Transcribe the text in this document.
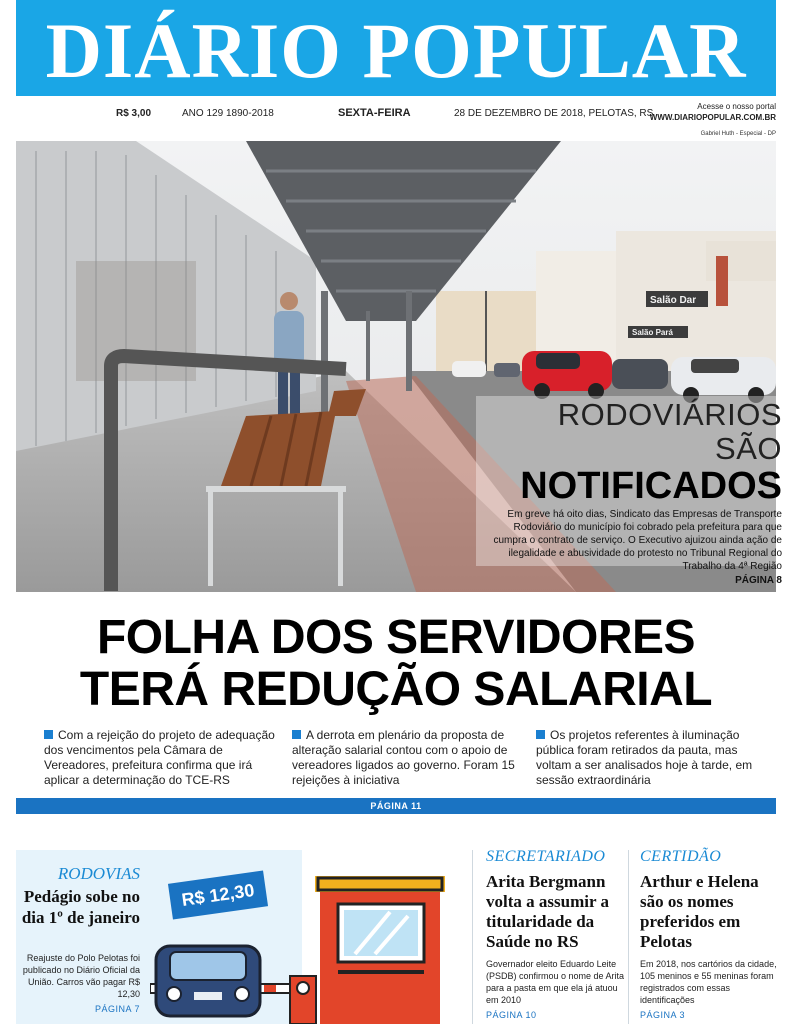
DIÁRIO POPULAR
R$ 3,00	ANO 129 1890-2018	SEXTA-FEIRA	28 DE DEZEMBRO DE 2018, PELOTAS, RS
Acesse o nosso portal
WWW.DIARIOPOPULAR.COM.BR
Gabriel Huth - Especial - DP
Salão Dar
Salão Pará
RODOVIÁRIOS SÃO
NOTIFICADOS
Em greve há oito dias, Sindicato das Empresas de Transporte Rodoviário do município foi cobrado pela prefeitura para que cumpra o contrato de serviço. O Executivo ajuizou ainda ação de ilegalidade e abusividade do protesto no Tribunal Regional do Trabalho da 4ª Região
PÁGINA 8
FOLHA DOS SERVIDORES
TERÁ REDUÇÃO SALARIAL
Com a rejeição do projeto de adequação dos vencimentos pela Câmara de Vereadores, prefeitura confirma que irá aplicar a determinação do TCE-RS
A derrota em plenário da proposta de alteração salarial contou com o apoio de vereadores ligados ao governo. Foram 15 rejeições à iniciativa
Os projetos referentes à iluminação pública foram retirados da pauta, mas voltam a ser analisados hoje à tarde, em sessão extraordinária
PÁGINA 11
R$ 12,30
RODOVIAS
Pedágio sobe no dia 1º de janeiro
Reajuste do Polo Pelotas foi publicado no Diário Oficial da União. Carros vão pagar R$ 12,30
PÁGINA 7
SECRETARIADO
Arita Bergmann volta a assumir a titularidade da Saúde no RS
Governador eleito Eduardo Leite (PSDB) confirmou o nome de Arita para a pasta em que ela já atuou em 2010
PÁGINA 10
CERTIDÃO
Arthur e Helena são os nomes preferidos em Pelotas
Em 2018, nos cartórios da cidade, 105 meninos e 55 meninas foram registrados com essas identificações
PÁGINA 3
